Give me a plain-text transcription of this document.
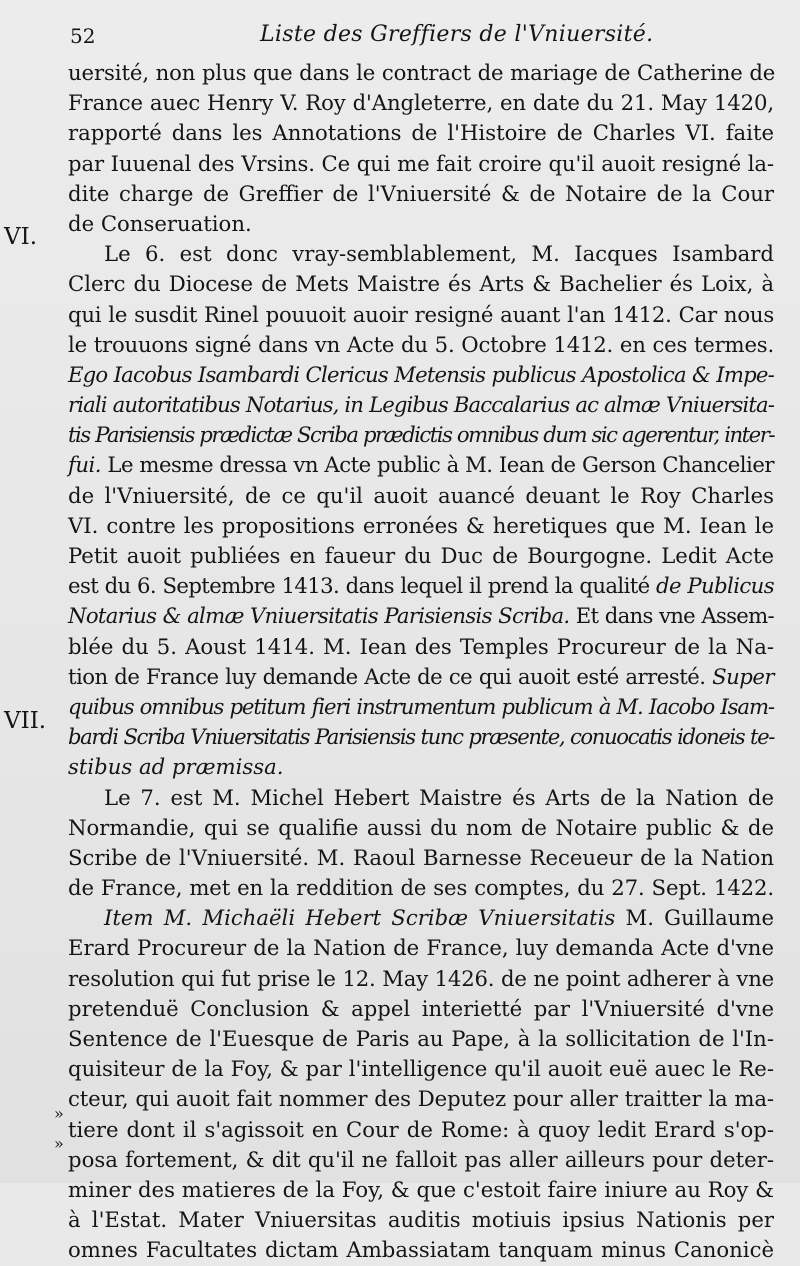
52	Liste des Greffiers de l'Vniuersité.
VI.
VII.
»
»
uersité, non plus que dans le contract de mariage de Catherine de
France auec Henry V. Roy d'Angleterre, en date du 21. May 1420,
rapporté dans les Annotations de l'Histoire de Charles VI. faite
par Iuuenal des Vrsins. Ce qui me fait croire qu'il auoit resigné la-
dite charge de Greffier de l'Vniuersité & de Notaire de la Cour
de Conseruation.
Le 6. est donc vray-semblablement, M. Iacques Isambard
Clerc du Diocese de Mets Maistre és Arts & Bachelier és Loix, à
qui le susdit Rinel pouuoit auoir resigné auant l'an 1412. Car nous
le trouuons signé dans vn Acte du 5. Octobre 1412. en ces termes.
Ego Iacobus Isambardi Clericus Metensis publicus Apostolica & Impe-
riali autoritatibus Notarius, in Legibus Baccalarius ac almæ Vniuersita-
tis Parisiensis prædictæ Scriba prædictis omnibus dum sic agerentur, inter-
fui. Le mesme dressa vn Acte public à M. Iean de Gerson Chancelier
de l'Vniuersité, de ce qu'il auoit auancé deuant le Roy Charles
VI. contre les propositions erronées & heretiques que M. Iean le
Petit auoit publiées en faueur du Duc de Bourgogne. Ledit Acte
est du 6. Septembre 1413. dans lequel il prend la qualité de Publicus
Notarius & almæ Vniuersitatis Parisiensis Scriba. Et dans vne Assem-
blée du 5. Aoust 1414. M. Iean des Temples Procureur de la Na-
tion de France luy demande Acte de ce qui auoit esté arresté. Super
quibus omnibus petitum fieri instrumentum publicum à M. Iacobo Isam-
bardi Scriba Vniuersitatis Parisiensis tunc præsente, conuocatis idoneis te-
stibus ad præmissa.
Le 7. est M. Michel Hebert Maistre és Arts de la Nation de
Normandie, qui se qualifie aussi du nom de Notaire public & de
Scribe de l'Vniuersité. M. Raoul Barnesse Receueur de la Nation
de France, met en la reddition de ses comptes, du 27. Sept. 1422.
Item M. Michaëli Hebert Scribæ Vniuersitatis M. Guillaume
Erard Procureur de la Nation de France, luy demanda Acte d'vne
resolution qui fut prise le 12. May 1426. de ne point adherer à vne
pretenduë Conclusion & appel interietté par l'Vniuersité d'vne
Sentence de l'Euesque de Paris au Pape, à la sollicitation de l'In-
quisiteur de la Foy, & par l'intelligence qu'il auoit euë auec le Re-
cteur, qui auoit fait nommer des Deputez pour aller traitter la ma-
tiere dont il s'agissoit en Cour de Rome: à quoy ledit Erard s'op-
posa fortement, & dit qu'il ne falloit pas aller ailleurs pour deter-
miner des matieres de la Foy, & que c'estoit faire iniure au Roy &
à l'Estat. Mater Vniuersitas auditis motiuis ipsius Nationis per
omnes Facultates dictam Ambassiatam tanquam minus Canonicè
